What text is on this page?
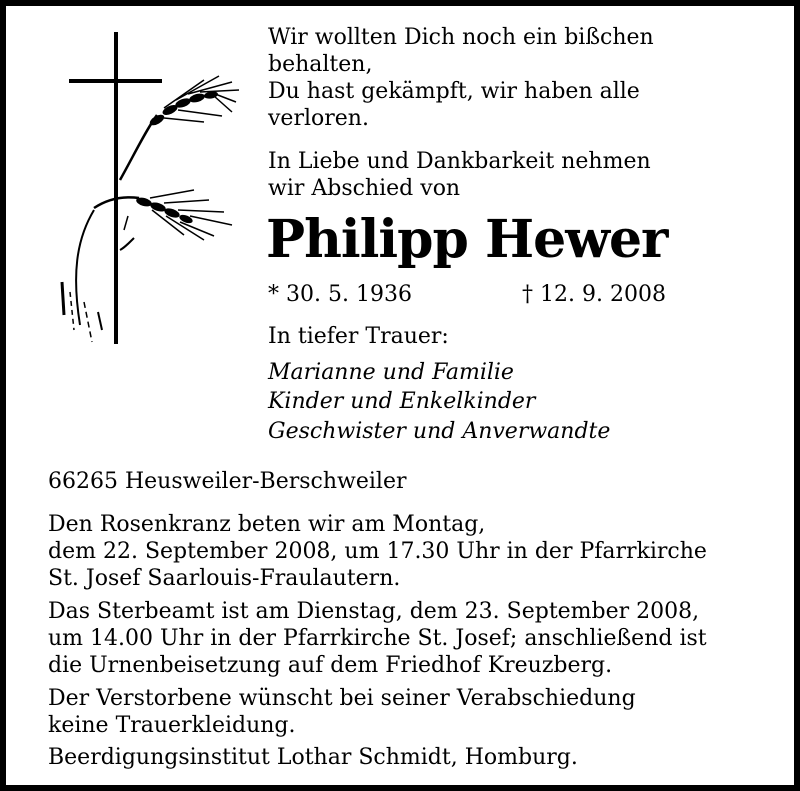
Wir wollten Dich noch ein bißchen

behalten,

Du hast gekämpft, wir haben alle

verloren.

In Liebe und Dankbarkeit nehmen

wir Abschied von

Philipp Hewer

* 30. 5. 1936	† 12. 9. 2008

In tiefer Trauer:

Marianne und Familie

Kinder und Enkelkinder

Geschwister und Anverwandte

66265 Heusweiler-Berschweiler

Den Rosenkranz beten wir am Montag,

dem 22. September 2008, um 17.30 Uhr in der Pfarrkirche

St. Josef Saarlouis-Fraulautern.

Das Sterbeamt ist am Dienstag, dem 23. September 2008,

um 14.00 Uhr in der Pfarrkirche St. Josef; anschließend ist

die Urnenbeisetzung auf dem Friedhof Kreuzberg.

Der Verstorbene wünscht bei seiner Verabschiedung

keine Trauerkleidung.

Beerdigungsinstitut Lothar Schmidt, Homburg.
